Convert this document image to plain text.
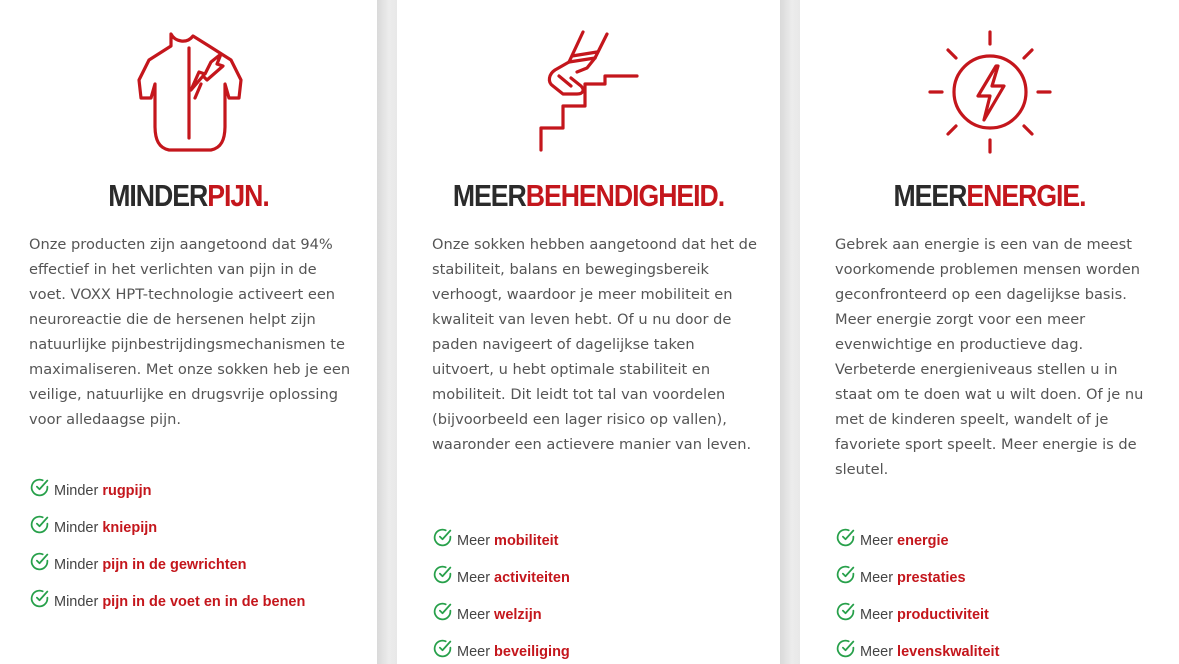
MINDERPIJN.

Onze producten zijn aangetoond dat 94% effectief in het verlichten van pijn in de voet. VOXX HPT-technologie activeert een neuroreactie die de hersenen helpt zijn natuurlijke pijnbestrijdingsmechanismen te maximaliseren. Met onze sokken heb je een veilige, natuurlijke en drugsvrije oplossing voor alledaagse pijn.

Minder rugpijn
Minder kniepijn
Minder pijn in de gewrichten
Minder pijn in de voet en in de benen
MEERBEHENDIGHEID.

Onze sokken hebben aangetoond dat het de stabiliteit, balans en bewegingsbereik verhoogt, waardoor je meer mobiliteit en kwaliteit van leven hebt. Of u nu door de paden navigeert of dagelijkse taken uitvoert, u hebt optimale stabiliteit en mobiliteit. Dit leidt tot tal van voordelen (bijvoorbeeld een lager risico op vallen), waaronder een actievere manier van leven.

Meer mobiliteit
Meer activiteiten
Meer welzijn
Meer beveiliging
MEERENERGIE.

Gebrek aan energie is een van de meest voorkomende problemen mensen worden geconfronteerd op een dagelijkse basis. Meer energie zorgt voor een meer evenwichtige en productieve dag. Verbeterde energieniveaus stellen u in staat om te doen wat u wilt doen. Of je nu met de kinderen speelt, wandelt of je favoriete sport speelt. Meer energie is de sleutel.

Meer energie
Meer prestaties
Meer productiviteit
Meer levenskwaliteit
